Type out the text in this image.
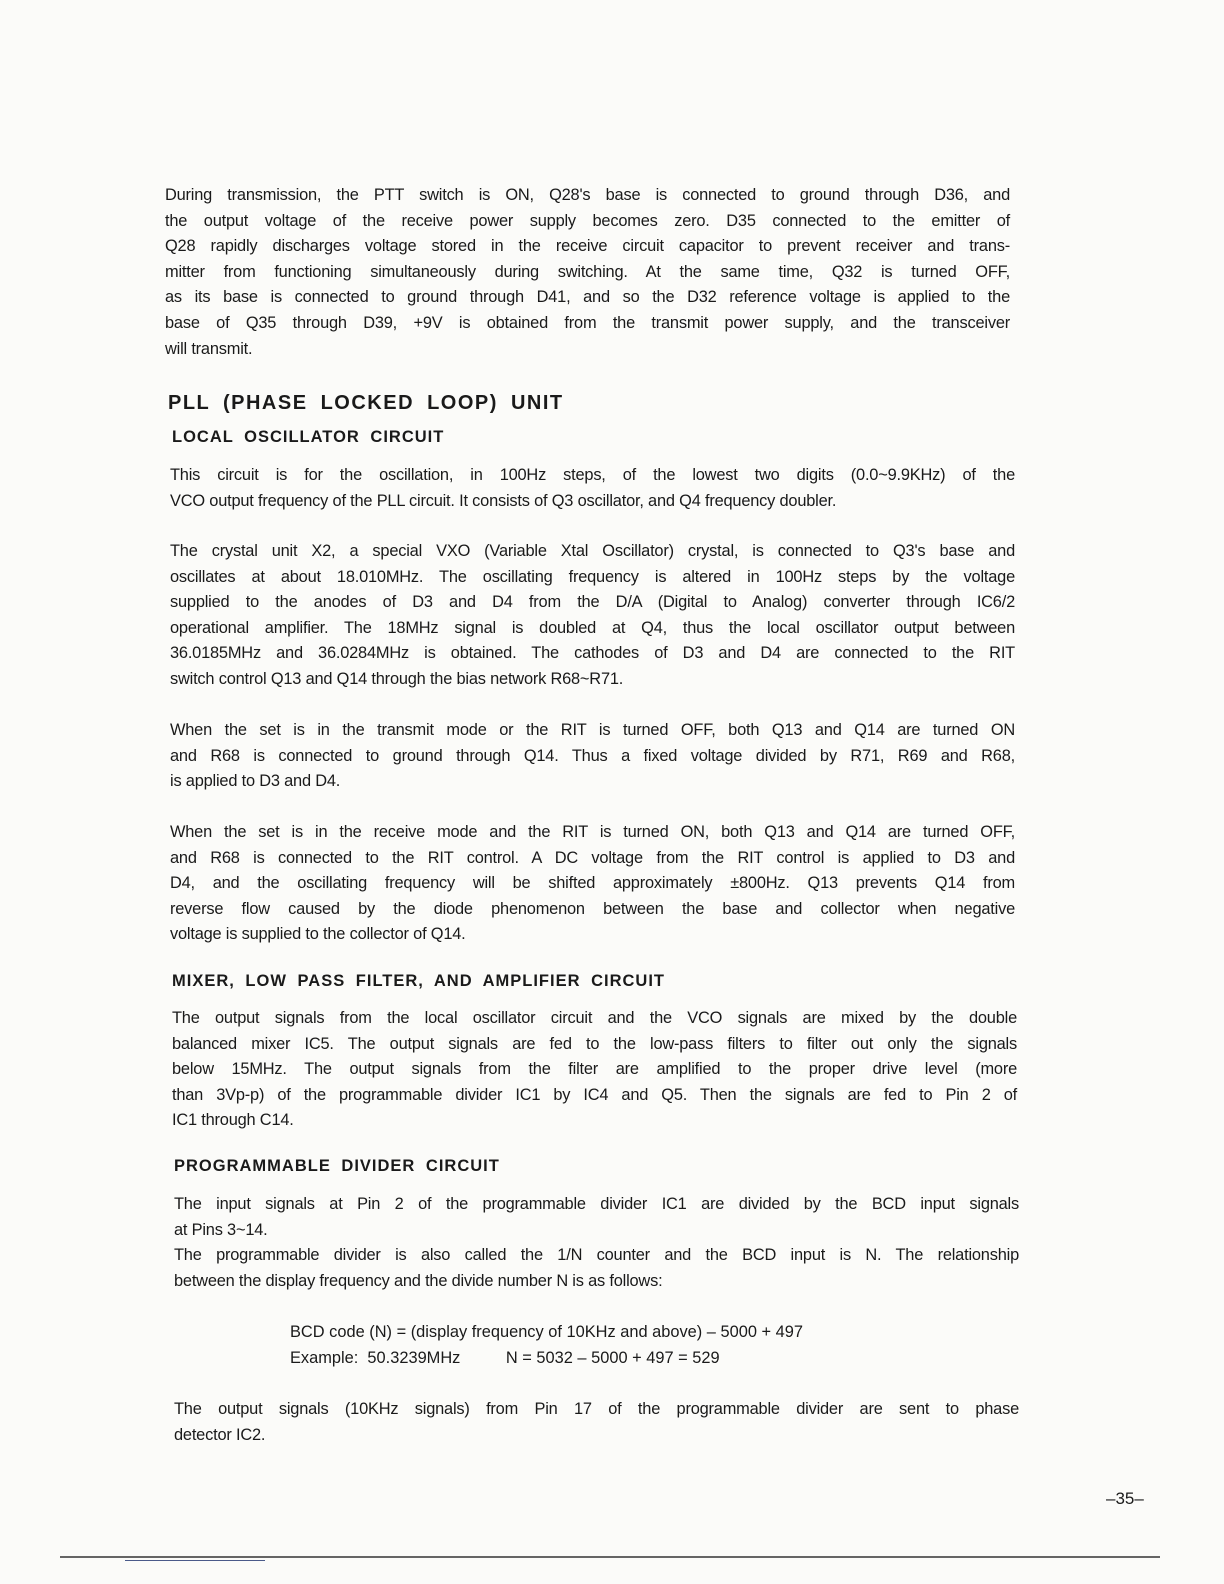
During transmission, the PTT switch is ON, Q28's base is connected to ground through D36, and
the output voltage of the receive power supply becomes zero. D35 connected to the emitter of
Q28 rapidly discharges voltage stored in the receive circuit capacitor to prevent receiver and trans-
mitter from functioning simultaneously during switching. At the same time, Q32 is turned OFF,
as its base is connected to ground through D41, and so the D32 reference voltage is applied to the
base of Q35 through D39, +9V is obtained from the transmit power supply, and the transceiver
will transmit.
PLL (PHASE LOCKED LOOP) UNIT
LOCAL OSCILLATOR CIRCUIT
This circuit is for the oscillation, in 100Hz steps, of the lowest two digits (0.0~9.9KHz) of the
VCO output frequency of the PLL circuit. It consists of Q3 oscillator, and Q4 frequency doubler.
The crystal unit X2, a special VXO (Variable Xtal Oscillator) crystal, is connected to Q3's base and
oscillates at about 18.010MHz. The oscillating frequency is altered in 100Hz steps by the voltage
supplied to the anodes of D3 and D4 from the D/A (Digital to Analog) converter through IC6/2
operational amplifier. The 18MHz signal is doubled at Q4, thus the local oscillator output between
36.0185MHz and 36.0284MHz is obtained. The cathodes of D3 and D4 are connected to the RIT
switch control Q13 and Q14 through the bias network R68~R71.
When the set is in the transmit mode or the RIT is turned OFF, both Q13 and Q14 are turned ON
and R68 is connected to ground through Q14. Thus a fixed voltage divided by R71, R69 and R68,
is applied to D3 and D4.
When the set is in the receive mode and the RIT is turned ON, both Q13 and Q14 are turned OFF,
and R68 is connected to the RIT control. A DC voltage from the RIT control is applied to D3 and
D4, and the oscillating frequency will be shifted approximately ±800Hz. Q13 prevents Q14 from
reverse flow caused by the diode phenomenon between the base and collector when negative
voltage is supplied to the collector of Q14.
MIXER, LOW PASS FILTER, AND AMPLIFIER CIRCUIT
The output signals from the local oscillator circuit and the VCO signals are mixed by the double
balanced mixer IC5. The output signals are fed to the low-pass filters to filter out only the signals
below 15MHz. The output signals from the filter are amplified to the proper drive level (more
than 3Vp-p) of the programmable divider IC1 by IC4 and Q5. Then the signals are fed to Pin 2 of
IC1 through C14.
PROGRAMMABLE DIVIDER CIRCUIT
The input signals at Pin 2 of the programmable divider IC1 are divided by the BCD input signals
at Pins 3~14.
The programmable divider is also called the 1/N counter and the BCD input is N. The relationship
between the display frequency and the divide number N is as follows:
BCD code (N) = (display frequency of 10KHz and above) – 5000 + 497
Example:  50.3239MHz          N = 5032 – 5000 + 497 = 529
The output signals (10KHz signals) from Pin 17 of the programmable divider are sent to phase
detector IC2.
–35–
